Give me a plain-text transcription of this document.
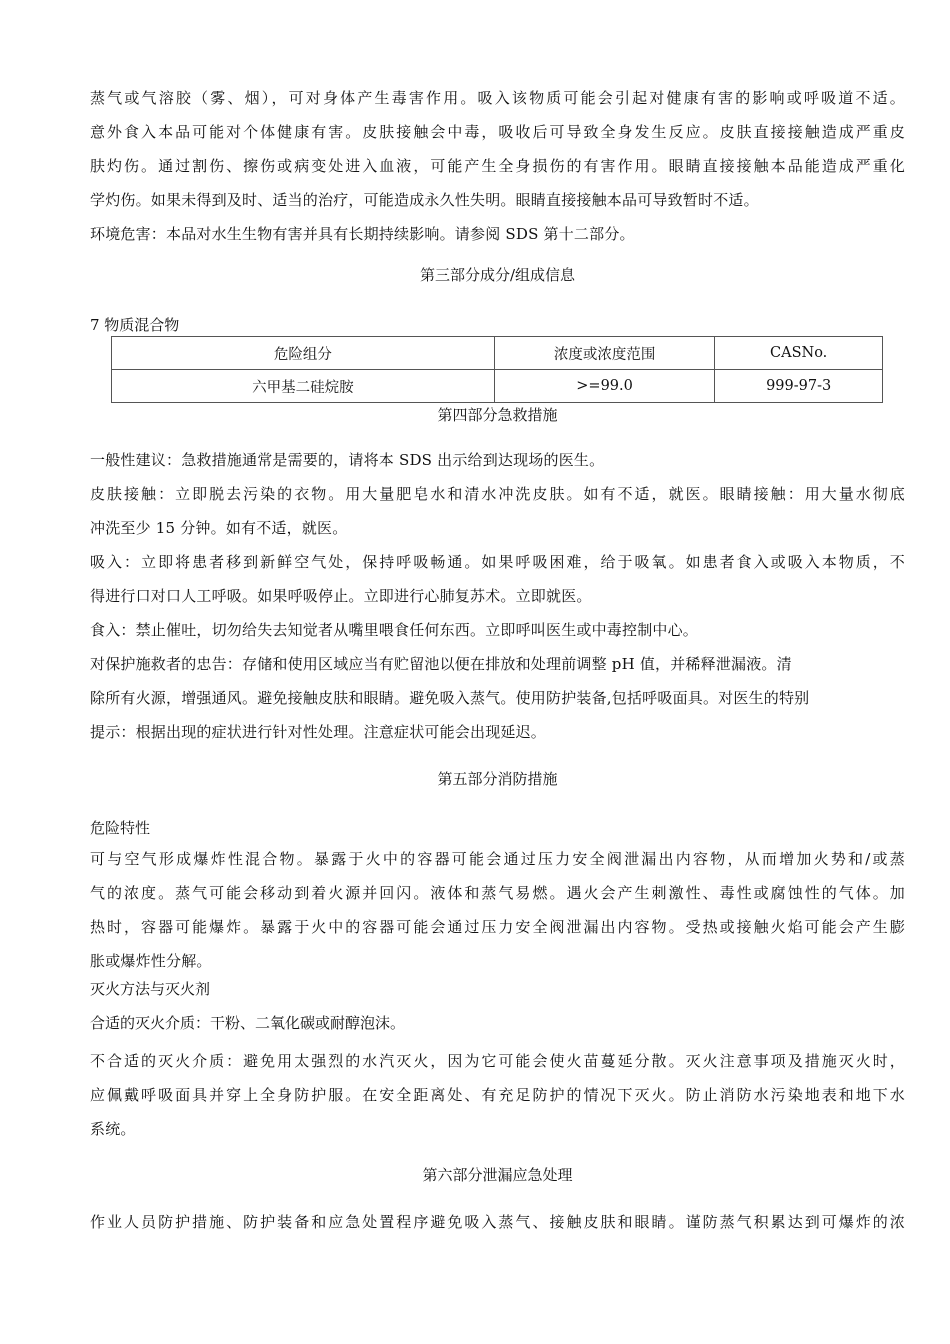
蒸气或气溶胶（雾、烟），可对身体产生毒害作用。吸入该物质可能会引起对健康有害的影响或呼吸道不适。
意外食入本品可能对个体健康有害。皮肤接触会中毒，吸收后可导致全身发生反应。皮肤直接接触造成严重皮
肤灼伤。通过割伤、擦伤或病变处进入血液，可能产生全身损伤的有害作用。眼睛直接接触本品能造成严重化
学灼伤。如果未得到及时、适当的治疗，可能造成永久性失明。眼睛直接接触本品可导致暂时不适。
环境危害：本品对水生生物有害并具有长期持续影响。请参阅 SDS 第十二部分。
第三部分成分/组成信息
7 物质混合物
危险组分	浓度或浓度范围	CASNo.
六甲基二硅烷胺	>=99.0	999-97-3
第四部分急救措施
一般性建议：急救措施通常是需要的，请将本 SDS 出示给到达现场的医生。
皮肤接触：立即脱去污染的衣物。用大量肥皂水和清水冲洗皮肤。如有不适，就医。眼睛接触：用大量水彻底
冲洗至少 15 分钟。如有不适，就医。
吸入：立即将患者移到新鲜空气处，保持呼吸畅通。如果呼吸困难，给于吸氧。如患者食入或吸入本物质，不
得进行口对口人工呼吸。如果呼吸停止。立即进行心肺复苏术。立即就医。
食入：禁止催吐，切勿给失去知觉者从嘴里喂食任何东西。立即呼叫医生或中毒控制中心。
对保护施救者的忠告：存储和使用区域应当有贮留池以便在排放和处理前调整 pH 值，并稀释泄漏液。清
除所有火源，增强通风。避免接触皮肤和眼睛。避免吸入蒸气。使用防护装备,包括呼吸面具。对医生的特别
提示：根据出现的症状进行针对性处理。注意症状可能会出现延迟。
第五部分消防措施
危险特性
可与空气形成爆炸性混合物。暴露于火中的容器可能会通过压力安全阀泄漏出内容物，从而增加火势和/或蒸
气的浓度。蒸气可能会移动到着火源并回闪。液体和蒸气易燃。遇火会产生刺激性、毒性或腐蚀性的气体。加
热时，容器可能爆炸。暴露于火中的容器可能会通过压力安全阀泄漏出内容物。受热或接触火焰可能会产生膨
胀或爆炸性分解。
灭火方法与灭火剂
合适的灭火介质：干粉、二氧化碳或耐醇泡沫。
不合适的灭火介质：避免用太强烈的水汽灭火，因为它可能会使火苗蔓延分散。灭火注意事项及措施灭火时，
应佩戴呼吸面具并穿上全身防护服。在安全距离处、有充足防护的情况下灭火。防止消防水污染地表和地下水
系统。
第六部分泄漏应急处理
作业人员防护措施、防护装备和应急处置程序避免吸入蒸气、接触皮肤和眼睛。谨防蒸气积累达到可爆炸的浓
